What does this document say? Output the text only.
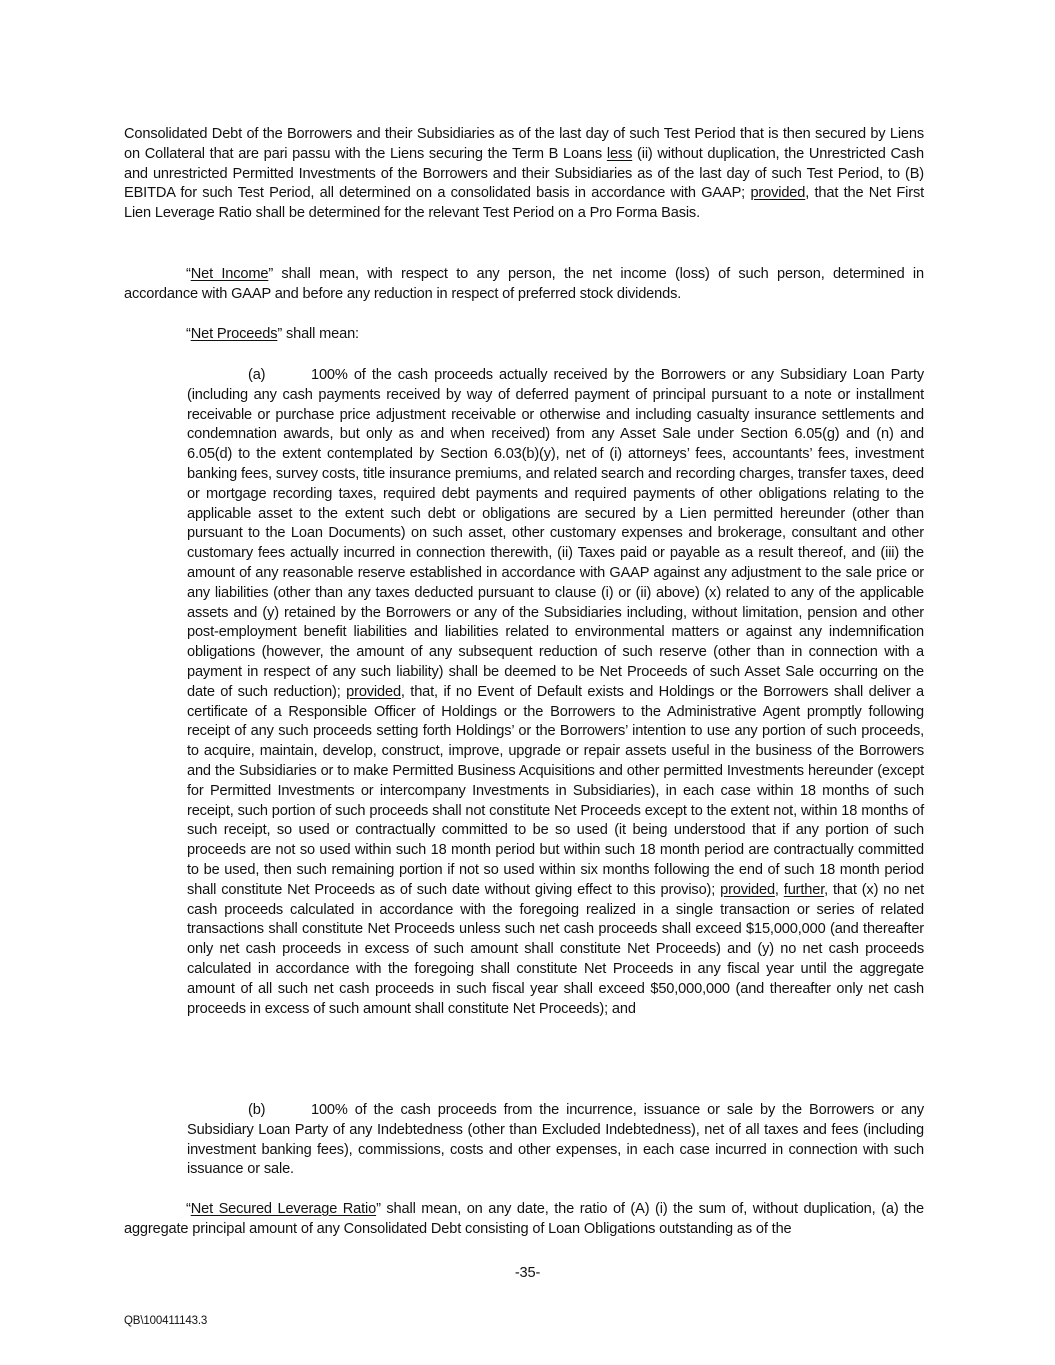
Consolidated Debt of the Borrowers and their Subsidiaries as of the last day of such Test Period that is then secured by Liens on Collateral that are pari passu with the Liens securing the Term B Loans less (ii) without duplication, the Unrestricted Cash and unrestricted Permitted Investments of the Borrowers and their Subsidiaries as of the last day of such Test Period, to (B) EBITDA for such Test Period, all determined on a consolidated basis in accordance with GAAP; provided, that the Net First Lien Leverage Ratio shall be determined for the relevant Test Period on a Pro Forma Basis.

“Net Income” shall mean, with respect to any person, the net income (loss) of such person, determined in accordance with GAAP and before any reduction in respect of preferred stock dividends.

“Net Proceeds” shall mean:

(a)	100% of the cash proceeds actually received by the Borrowers or any Subsidiary Loan Party (including any cash payments received by way of deferred payment of principal pursuant to a note or installment receivable or purchase price adjustment receivable or otherwise and including casualty insurance settlements and condemnation awards, but only as and when received) from any Asset Sale under Section 6.05(g) and (n) and 6.05(d) to the extent contemplated by Section 6.03(b)(y), net of (i) attorneys’ fees, accountants’ fees, investment banking fees, survey costs, title insurance premiums, and related search and recording charges, transfer taxes, deed or mortgage recording taxes, required debt payments and required payments of other obligations relating to the applicable asset to the extent such debt or obligations are secured by a Lien permitted hereunder (other than pursuant to the Loan Documents) on such asset, other customary expenses and brokerage, consultant and other customary fees actually incurred in connection therewith, (ii) Taxes paid or payable as a result thereof, and (iii) the amount of any reasonable reserve established in accordance with GAAP against any adjustment to the sale price or any liabilities (other than any taxes deducted pursuant to clause (i) or (ii) above) (x) related to any of the applicable assets and (y) retained by the Borrowers or any of the Subsidiaries including, without limitation, pension and other post-employment benefit liabilities and liabilities related to environmental matters or against any indemnification obligations (however, the amount of any subsequent reduction of such reserve (other than in connection with a payment in respect of any such liability) shall be deemed to be Net Proceeds of such Asset Sale occurring on the date of such reduction); provided, that, if no Event of Default exists and Holdings or the Borrowers shall deliver a certificate of a Responsible Officer of Holdings or the Borrowers to the Administrative Agent promptly following receipt of any such proceeds setting forth Holdings’ or the Borrowers’ intention to use any portion of such proceeds, to acquire, maintain, develop, construct, improve, upgrade or repair assets useful in the business of the Borrowers and the Subsidiaries or to make Permitted Business Acquisitions and other permitted Investments hereunder (except for Permitted Investments or intercompany Investments in Subsidiaries), in each case within 18 months of such receipt, such portion of such proceeds shall not constitute Net Proceeds except to the extent not, within 18 months of such receipt, so used or contractually committed to be so used (it being understood that if any portion of such proceeds are not so used within such 18 month period but within such 18 month period are contractually committed to be used, then such remaining portion if not so used within six months following the end of such 18 month period shall constitute Net Proceeds as of such date without giving effect to this proviso); provided, further, that (x) no net cash proceeds calculated in accordance with the foregoing realized in a single transaction or series of related transactions shall constitute Net Proceeds unless such net cash proceeds shall exceed $15,000,000 (and thereafter only net cash proceeds in excess of such amount shall constitute Net Proceeds) and (y) no net cash proceeds calculated in accordance with the foregoing shall constitute Net Proceeds in any fiscal year until the aggregate amount of all such net cash proceeds in such fiscal year shall exceed $50,000,000 (and thereafter only net cash proceeds in excess of such amount shall constitute Net Proceeds); and

(b)	100% of the cash proceeds from the incurrence, issuance or sale by the Borrowers or any Subsidiary Loan Party of any Indebtedness (other than Excluded Indebtedness), net of all taxes and fees (including investment banking fees), commissions, costs and other expenses, in each case incurred in connection with such issuance or sale.

“Net Secured Leverage Ratio” shall mean, on any date, the ratio of (A) (i) the sum of, without duplication, (a) the aggregate principal amount of any Consolidated Debt consisting of Loan Obligations outstanding as of the

-35-
QB\100411143.3
